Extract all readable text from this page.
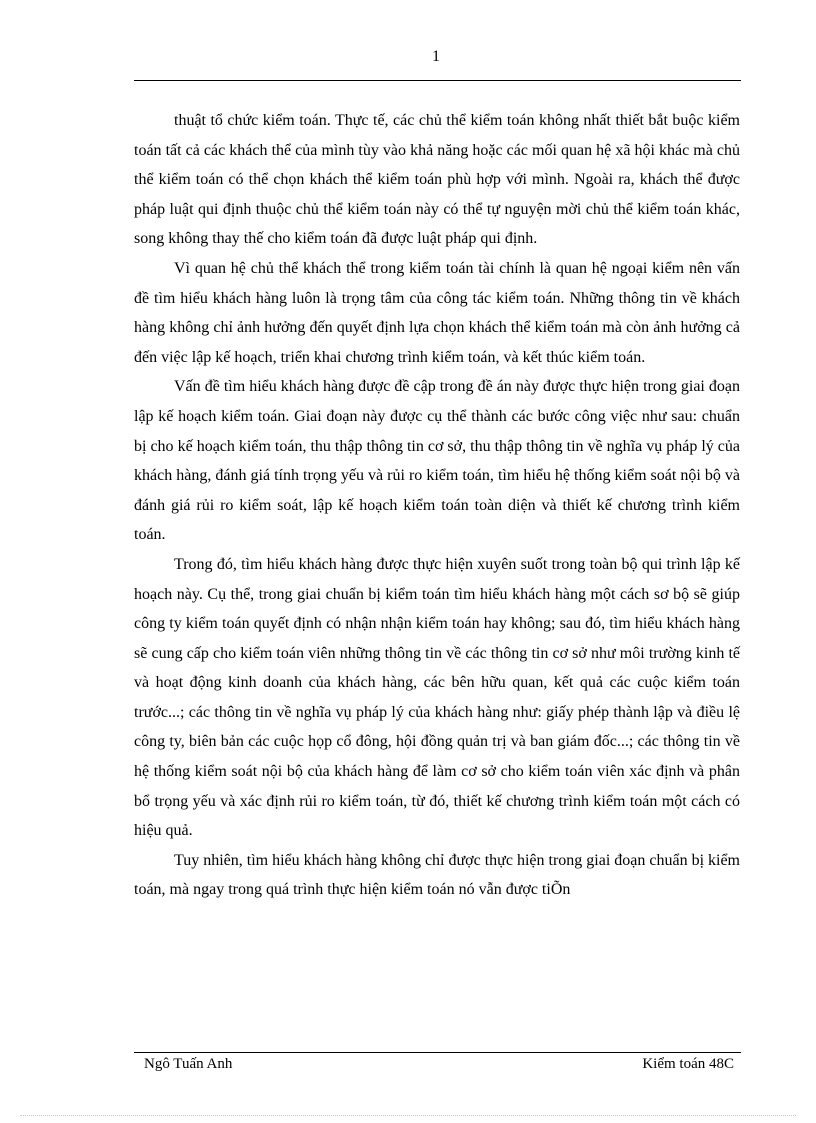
1

thuật tổ chức kiểm toán. Thực tế, các chủ thể kiểm toán không nhất thiết bắt buộc kiểm toán tất cả các khách thể của mình tùy vào khả năng hoặc các mối quan hệ xã hội khác mà chủ thể kiểm toán có thể chọn khách thể kiểm toán phù hợp với mình. Ngoài ra, khách thể được pháp luật qui định thuộc chủ thể kiểm toán này có thể tự nguyện mời chủ thể kiểm toán khác, song không thay thế cho kiểm toán đã được luật pháp qui định.

Vì quan hệ chủ thể khách thể trong kiểm toán tài chính là quan hệ ngoại kiểm nên vấn đề tìm hiểu khách hàng luôn là trọng tâm của công tác kiểm toán. Những thông tin về khách hàng không chỉ ảnh hưởng đến quyết định lựa chọn khách thể kiểm toán mà còn ảnh hưởng cả đến việc lập kế hoạch, triển khai chương trình kiểm toán, và kết thúc kiểm toán.

Vấn đề tìm hiểu khách hàng được đề cập trong đề án này được thực hiện trong giai đoạn lập kế hoạch kiểm toán. Giai đoạn này được cụ thể thành các bước công việc như sau: chuẩn bị cho kế hoạch kiểm toán, thu thập thông tin cơ sở, thu thập thông tin về nghĩa vụ pháp lý của khách hàng, đánh giá tính trọng yếu và rủi ro kiểm toán, tìm hiểu hệ thống kiểm soát nội bộ và đánh giá rủi ro kiểm soát, lập kế hoạch kiểm toán toàn diện và thiết kế chương trình kiểm toán.

Trong đó, tìm hiểu khách hàng được thực hiện xuyên suốt trong toàn bộ qui trình lập kế hoạch này. Cụ thể, trong giai chuẩn bị kiểm toán tìm hiểu khách hàng một cách sơ bộ sẽ giúp công ty kiểm toán quyết định có nhận nhận kiểm toán hay không; sau đó, tìm hiểu khách hàng sẽ cung cấp cho kiểm toán viên những thông tin về các thông tin cơ sở như môi trường kinh tế và hoạt động kinh doanh của khách hàng, các bên hữu quan, kết quả các cuộc kiểm toán trước...; các thông tin về nghĩa vụ pháp lý của khách hàng như: giấy phép thành lập và điều lệ công ty, biên bản các cuộc họp cổ đông, hội đồng quản trị và ban giám đốc...; các thông tin về hệ thống kiểm soát nội bộ của khách hàng để làm cơ sở cho kiểm toán viên xác định và phân bổ trọng yếu và xác định rủi ro kiểm toán, từ đó, thiết kế chương trình kiểm toán một cách có hiệu quả.

Tuy nhiên, tìm hiểu khách hàng không chỉ được thực hiện trong giai đoạn chuẩn bị kiểm toán, mà ngay trong quá trình thực hiện kiểm toán nó vẫn được tiÕn

Ngô Tuấn Anh	Kiểm toán 48C
